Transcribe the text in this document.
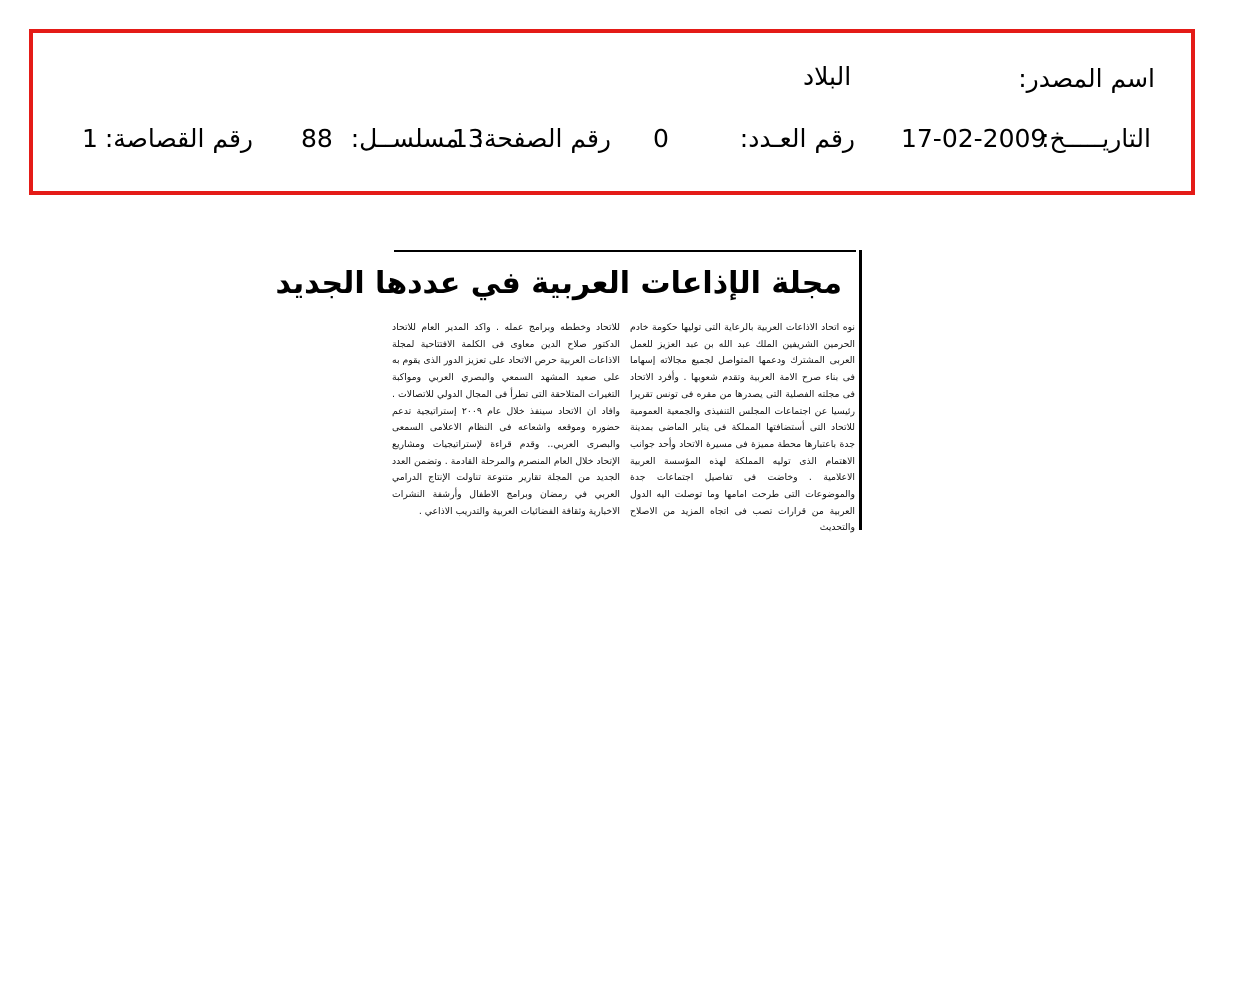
اسم المصدر:
البلاد
التاريـــــخ:
17-02-2009
رقم العـدد:
0
رقم الصفحة:
13
مسلســل:
88
رقم القصاصة:
1
مجلة الإذاعات العربية في عددها الجديد

نوه اتحاد الاذاعات العربية بالرعاية التى توليها حكومة خادم الحرمين الشريفين الملك عبد الله بن عبد العزيز للعمل العربى المشترك ودعمها المتواصل لجميع مجالاته إسهاما فى بناء صرح الامة العربية وتقدم شعوبها . وأفرد الاتحاد فى مجلته الفصلية التى يصدرها من مقره فى تونس تقريرا رئيسيا عن اجتماعات المجلس التنفيذى والجمعية العمومية للاتحاد التى أستضافتها المملكة فى يناير الماضى بمدينة جدة باعتبارها محطة مميزة فى مسيرة الاتحاد وأحد جوانب الاهتمام الذى توليه المملكة لهذه المؤسسة العربية الاعلامية . وخاضت فى تفاصيل اجتماعات جدة والموضوعات التى طرحت امامها وما توصلت اليه الدول العربية من قرارات تصب فى اتجاه المزيد من الاصلاح والتحديث

للاتحاد وخططه وبرامج عمله . واكد المدير العام للاتحاد الدكتور صلاح الدين معاوى فى الكلمة الافتتاحية لمجلة الاذاعات العربية حرص الاتحاد على تعزيز الدور الذى يقوم به على صعيد المشهد السمعي والبصري العربي ومواكبة التغيرات المتلاحقة التى تطرأ فى المجال الدولي للاتصالات . وافاد ان الاتحاد سينفذ خلال عام ٢٠٠٩ إستراتيجية تدعم حضوره وموقعه واشعاعه فى النظام الاعلامى السمعى والبصرى العربي.. وقدم قراءة لإستراتيجيات ومشاريع الإتحاد خلال العام المنصرم والمرحلة القادمة . وتضمن العدد الجديد من المجلة تقارير متنوعة تناولت الإنتاج الدرامي العربي في رمضان وبرامج الاطفال وأرشفة النشرات الاخبارية وثقافة الفضائيات العربية والتدريب الاذاعي .
